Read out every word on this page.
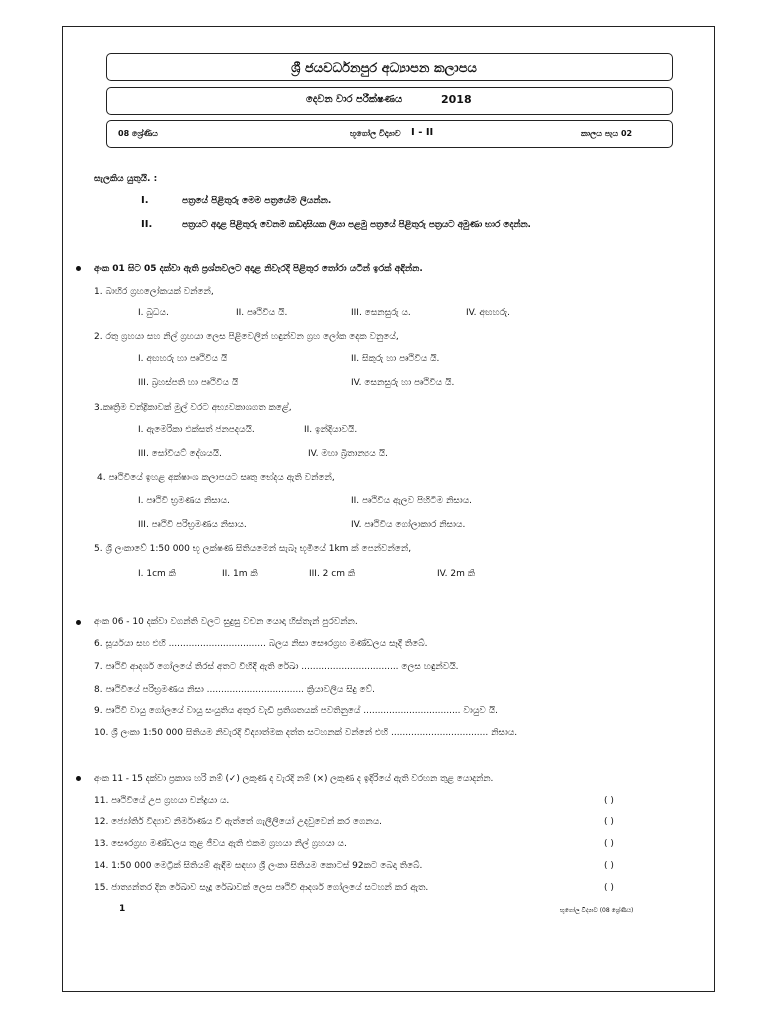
ශ්‍රී ජයවර්ධනපුර අධ්‍යාපන කලාපය
දෙවන වාර පරීක්ෂණය	2018
08 ශ්‍රේණිය	භූගෝල විද්‍යාව I - II	කාලය පැය 02
සැලකිය යුතුයි. :
I.	පත්‍රයේ පිළිතුරු මෙම පත්‍රයේම ලියන්න.
II.	පත්‍රයට අදාළ පිළිතුරු වෙනම කඩදාසියක ලියා පළමු පත්‍රයේ පිළිතුරු පත්‍රයට අමුණා භාර දෙන්න.
අංක 01 සිට 05 දක්වා ඇති ප්‍රශ්නවලට අදාළ නිවැරදි පිළිතුර තෝරා යටින් ඉරක් අඳින්න.
1. බාහිර ග්‍රහලෝකයක් වන්නේ,
I. බුධය.	II. පෘථිවිය යි.	III. සෙනසුරු ය.	IV. අඟහරු.
2. රතු ග්‍රහයා සහ නිල් ග්‍රහයා ලෙස පිළිවෙලින් හඳුන්වන ග්‍රහ ලෝක දෙක වනුයේ,
I. අඟහරු හා පෘථිවිය යි	II. සිකුරු හා පෘථිවිය යි.
III. බ්‍රහස්පති හා පෘථිවිය යි	IV. සෙනසුරු හා පෘථිවිය යි.
3.කෘත්‍රිම චන්ද්‍රිකාවක් මුල් වරට අභ්‍යවකාශගත කළේ,
I. ඇමෙරිකා එක්සත් ජනපදයයි.	II. ඉන්දියාවයි.
III. සෝවියට් දේශයයි.	IV. මහා බ්‍රිතාන්‍යය යි.
4. පෘථිවියේ ඉහළ අක්ෂාංශ කලාපයට සෘතු භේදය ඇති වන්නේ,
I. පෘථිවි භ්‍රමණය නිසාය.	II. පෘථිවිය ඇලව පිහිටීම නිසාය.
III. පෘථිවි පරිභ්‍රමණය නිසාය.	IV. පෘථිවිය ගෝලාකාර නිසාය.
5. ශ්‍රී ලංකාවේ 1:50 000 භූ ලක්ෂණ සිතියමෙන් සැබෑ භූමියේ 1km ක් පෙන්වන්නේ,
I. 1cm කි	II. 1m කි	III. 2 cm කි	IV. 2m කි
අංක 06 - 10 දක්වා වගන්ති වලට සුදුසු වචන යොදා හිස්තැන් පුරවන්න.
6. සූර්යයා සහ එහි .................................. බලය නිසා සෞරග්‍රහ මණ්ඩලය සෑදී තිබේ.
7. පෘථිවි ආදර්ශ ගෝලයේ තිරස් අතට විහිදී ඇති රේඛා .................................. ලෙස හඳුන්වයි.
8. පෘථිවියේ පරිභ්‍රමණය නිසා .................................. ක්‍රියාවලිය සිදු වේ.
9. පෘථිවි වායු ගෝලයේ වායු සංයුතිය අතුර වැඩි ප්‍රතිශතයක් පවතිනුයේ .................................. වායුව යි.
10. ශ්‍රී ලංකා 1:50 000 සිතියම නිවැරදි විද්‍යාත්මක දත්ත සටහනක් වන්නේ එහි .................................. නිසාය.
අංක 11 - 15 දක්වා ප්‍රකාශ හරි නම් (✓) ලකුණ ද වැරදි නම් (×) ලකුණ ද ඉදිරියේ ඇති වරහන තුළ යොදන්න.
11. පෘථිවියේ උප ග්‍රහයා චන්ද්‍රයා ය.	( )
12. ජ්‍යෝතිර් විද්‍යාව නිර්මාණය වී ඇත්තේ ගැලීලියෝ උදවුවෙන් කර ගෙනය.	( )
13. සෞරග්‍රහ මණ්ඩලය තුළ ජීවය ඇති එකම ග්‍රහයා නිල් ග්‍රහයා ය.	( )
14. 1:50 000 මෙට්‍රික් සිතියම් ඇඳීම සඳහා ශ්‍රී ලංකා සිතියම කොටස් 92කට බෙදා තිබේ.	( )
15. ජාත්‍යන්තර දින රේඛාව සෑදූ රේඛාවක් ලෙස පෘථිවි ආදර්ශ ගෝලයේ සටහන් කර ඇත.	( )
1	භූගෝල විද්‍යාව (08 ශ්‍රේණිය)
